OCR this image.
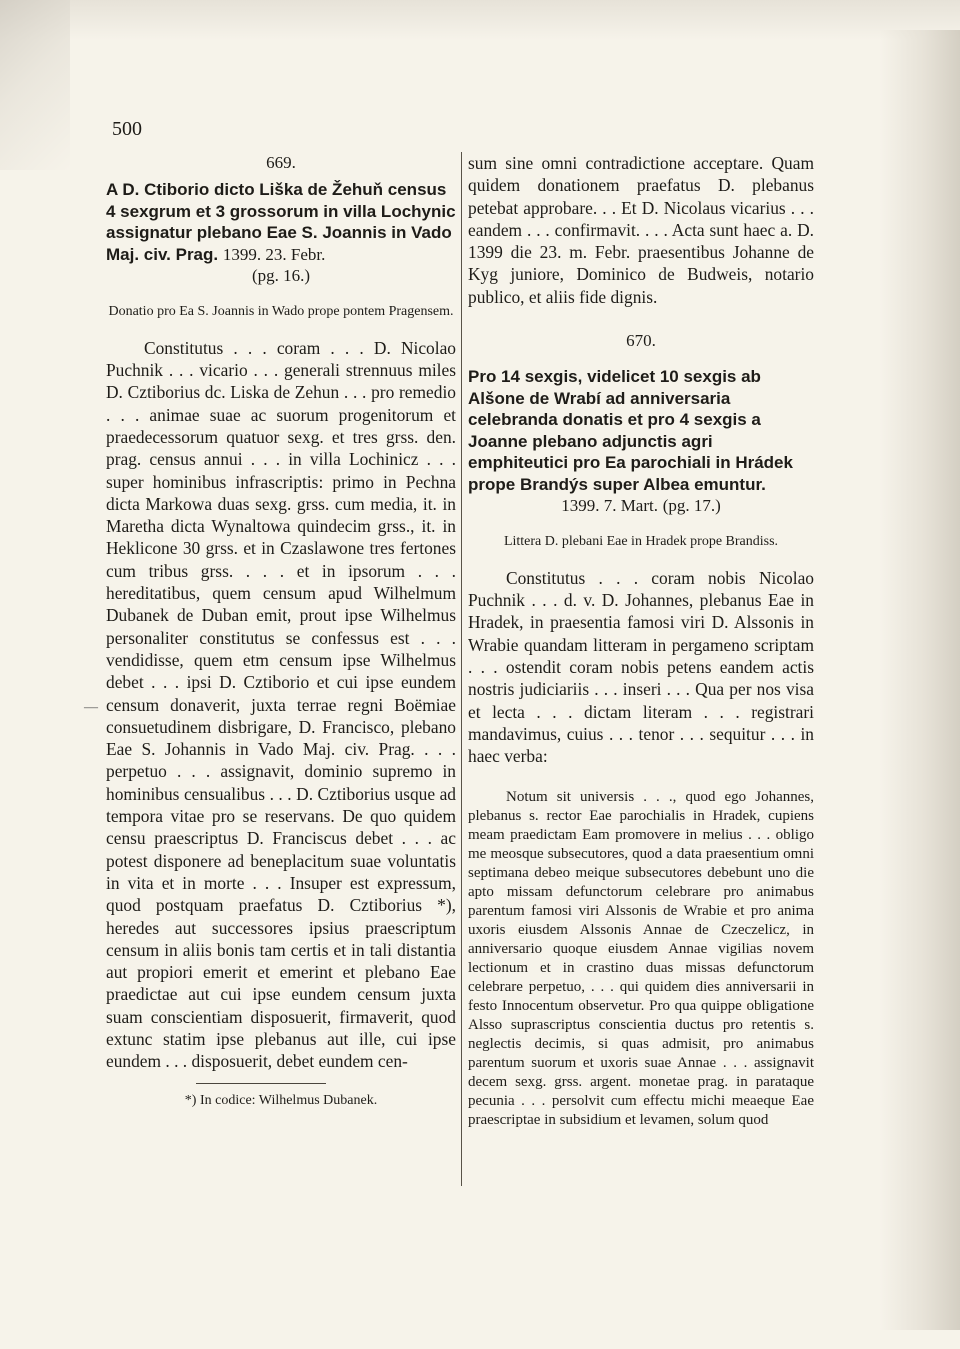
500

669.

A D. Ctiborio dicto Liška de Žehuň census 4 sexgrum et 3 grossorum in villa Lochynic assignatur plebano Eae S. Joannis in Vado Maj. civ. Prag. 1399. 23. Febr.
(pg. 16.)

Donatio pro Ea S. Joannis in Wado prope pontem Pragensem.

Constitutus . . . coram . . . D. Nicolao Puchnik . . . vicario . . . generali strennuus miles D. Cztiborius dc. Liska de Zehun . . . pro remedio . . . animae suae ac suorum progenitorum et praedecessorum quatuor sexg. et tres grss. den. prag. census annui . . . in villa Lochinicz . . . super hominibus infrascriptis: primo in Pechna dicta Markowa duas sexg. grss. cum media, it. in Maretha dicta Wynaltowa quindecim grss., it. in Heklicone 30 grss. et in Czaslawone tres fertones cum tribus grss. . . . et in ipsorum . . . hereditatibus, quem censum apud Wilhelmum Dubanek de Duban emit, prout ipse Wilhelmus personaliter constitutus se confessus est . . . vendidisse, quem etm censum ipse Wilhelmus debet . . . ipsi D. Cztiborio et cui ipse eundem censum donaverit, juxta terrae regni Boëmiae consuetudinem disbrigare, D. Francisco, plebano Eae S. Johannis in Vado Maj. civ. Prag. . . . perpetuo . . . assignavit, dominio supremo in hominibus censualibus . . . D. Cztiborius usque ad tempora vitae pro se reservans. De quo quidem censu praescriptus D. Franciscus debet . . . ac potest disponere ad beneplacitum suae voluntatis in vita et in morte . . . Insuper est expressum, quod postquam praefatus D. Cztiborius *), heredes aut successores ipsius praescriptum censum in aliis bonis tam certis et in tali distantia aut propiori emerit et emerint et plebano Eae praedictae aut cui ipse eundem censum juxta suam conscientiam disposuerit, firmaverit, quod extunc statim ipse plebanus aut ille, cui ipse eundem . . . disposuerit, debet eundem cen-

*) In codice: Wilhelmus Dubanek.

sum sine omni contradictione acceptare. Quam quidem donationem praefatus D. plebanus petebat approbare. . . Et D. Nicolaus vicarius . . . eandem . . . confirmavit. . . . Acta sunt haec a. D. 1399 die 23. m. Febr. praesentibus Johanne de Kyg juniore, Dominico de Budweis, notario publico, et aliis fide dignis.

670.

Pro 14 sexgis, videlicet 10 sexgis ab Alšone de Wrabí ad anniversaria celebranda donatis et pro 4 sexgis a Joanne plebano adjunctis agri emphiteutici pro Ea parochiali in Hrádek prope Brandýs super Albea emuntur.
1399. 7. Mart. (pg. 17.)

Littera D. plebani Eae in Hradek prope Brandiss.

Constitutus . . . coram nobis Nicolao Puchnik . . . d. v. D. Johannes, plebanus Eae in Hradek, in praesentia famosi viri D. Alssonis in Wrabie quandam litteram in pergameno scriptam . . . ostendit coram nobis petens eandem actis nostris judiciariis . . . inseri . . . Qua per nos visa et lecta . . . dictam literam . . . registrari mandavimus, cuius . . . tenor . . . sequitur . . . in haec verba:

Notum sit universis . . ., quod ego Johannes, plebanus s. rector Eae parochialis in Hradek, cupiens meam praedictam Eam promovere in melius . . . obligo me meosque subsecutores, quod a data praesentium omni septimana debeo meique subsecutores debebunt uno die apto missam defunctorum celebrare pro animabus parentum famosi viri Alssonis de Wrabie et pro anima uxoris eiusdem Alssonis Annae de Czeczelicz, in anniversario quoque eiusdem Annae vigilias novem lectionum et in crastino duas missas defunctorum celebrare perpetuo, . . . qui quidem dies anniversarii in festo Innocentum observetur. Pro qua quippe obligatione Alsso suprascriptus conscientia ductus pro retentis s. neglectis decimis, si quas admisit, pro animabus parentum suorum et uxoris suae Annae . . . assignavit decem sexg. grss. argent. monetae prag. in parataque pecunia . . . persolvit cum effectu michi meaeque Eae praescriptae in subsidium et levamen, solum quod

—
